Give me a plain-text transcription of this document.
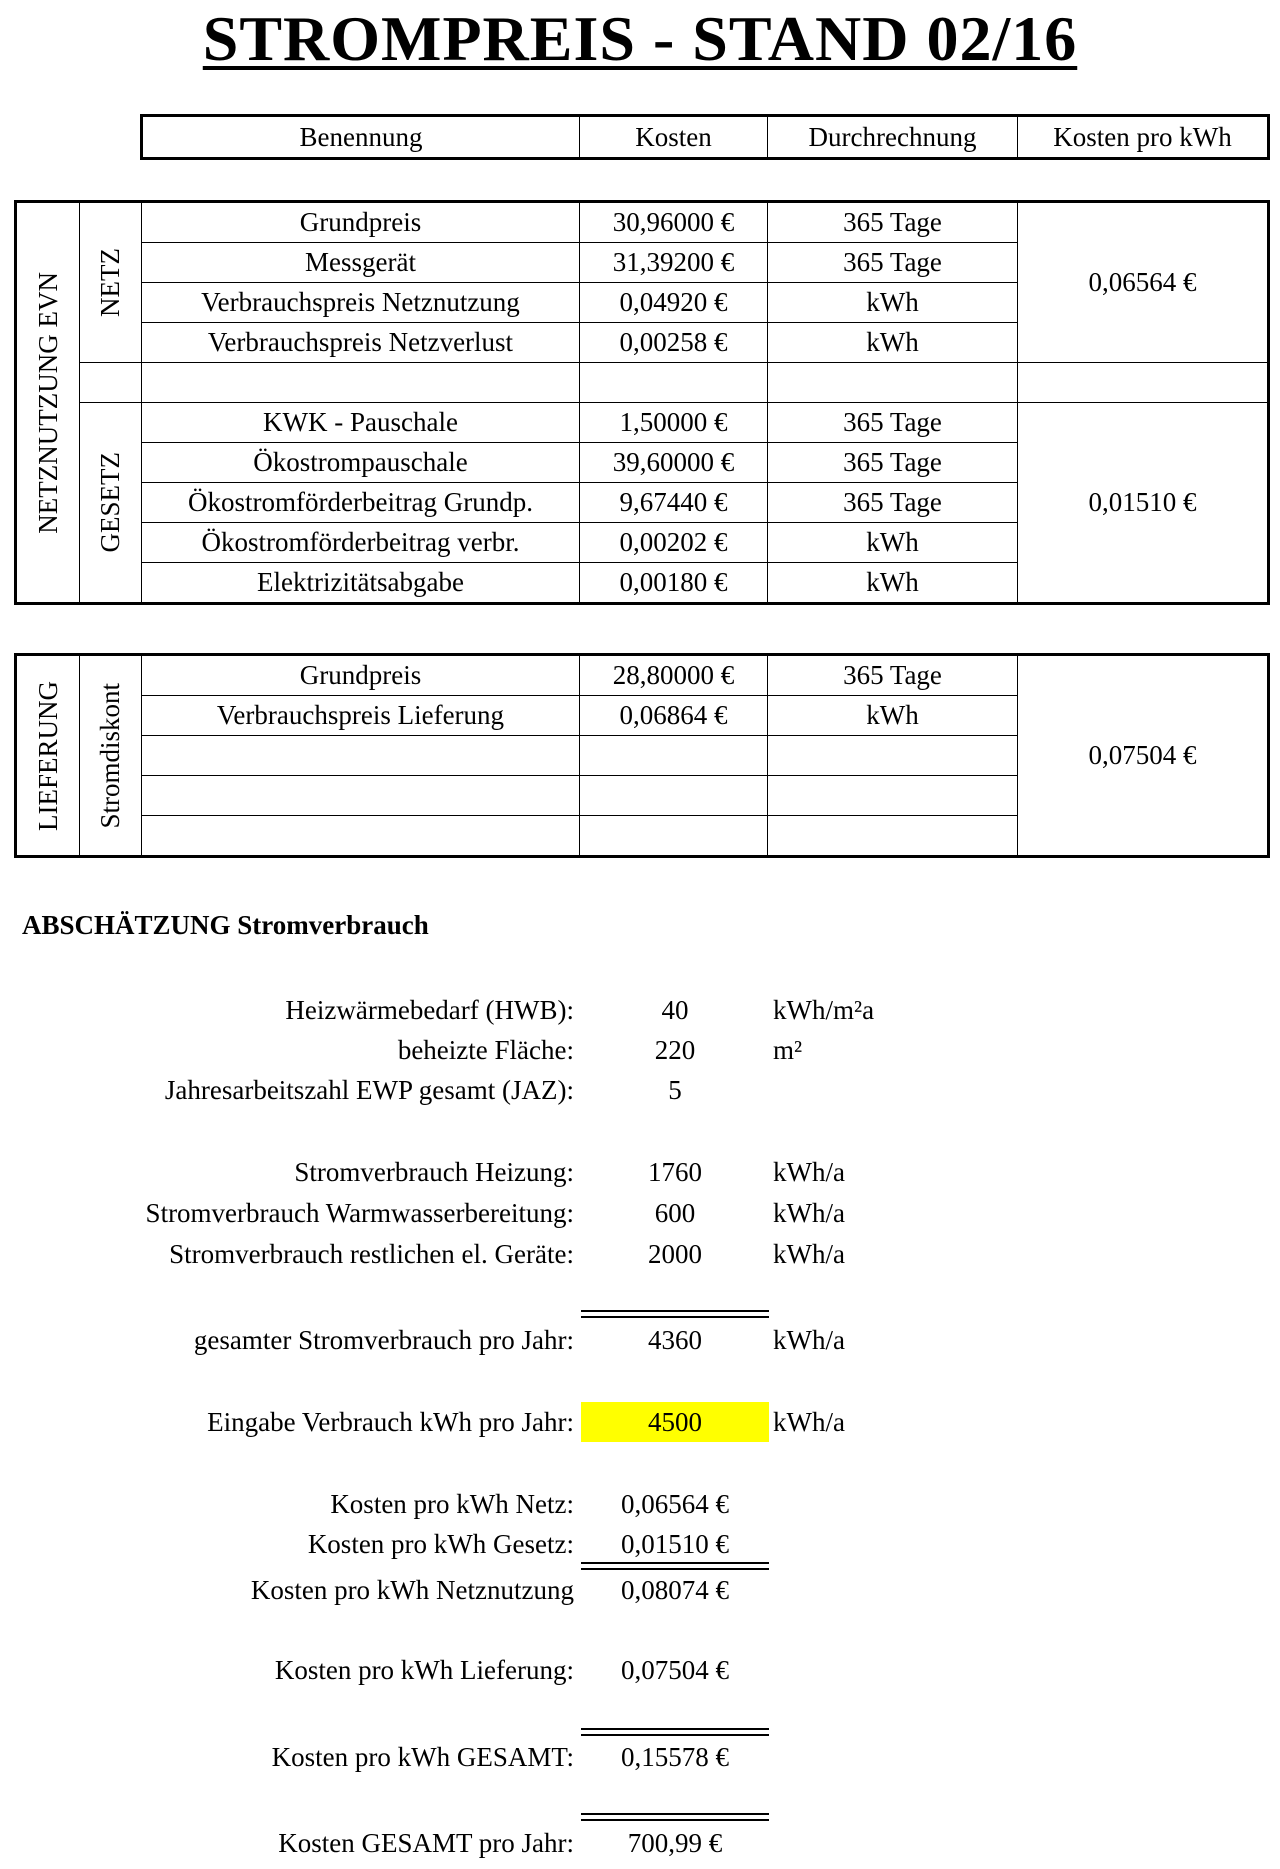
STROMPREIS - STAND 02/16
Benennung	Kosten	Durchrechnung	Kosten pro kWh
NETZNUTZUNG EVN	NETZ	Grundpreis	30,96000 €	365 Tage	0,06564 €
		Messgerät	31,39200 €	365 Tage	
		Verbrauchspreis Netznutzung	0,04920 €	kWh	
		Verbrauchspreis Netzverlust	0,00258 €	kWh	

	GESETZ	KWK - Pauschale	1,50000 €	365 Tage	0,01510 €
		Ökostrompauschale	39,60000 €	365 Tage	
		Ökostromförderbeitrag Grundp.	9,67440 €	365 Tage	
		Ökostromförderbeitrag verbr.	0,00202 €	kWh	
		Elektrizitätsabgabe	0,00180 €	kWh	
LIEFERUNG	Stromdiskont	Grundpreis	28,80000 €	365 Tage	0,07504 €
		Verbrauchspreis Lieferung	0,06864 €	kWh	

ABSCHÄTZUNG Stromverbrauch
Heizwärmebedarf (HWB):	40	kWh/m²a
beheizte Fläche:	220	m²
Jahresarbeitszahl EWP gesamt (JAZ):	5
Stromverbrauch Heizung:	1760	kWh/a
Stromverbrauch Warmwasserbereitung:	600	kWh/a
Stromverbrauch restlichen el. Geräte:	2000	kWh/a
gesamter Stromverbrauch pro Jahr:	4360	kWh/a
Eingabe Verbrauch kWh pro Jahr:	4500	kWh/a
Kosten pro kWh Netz:	0,06564 €
Kosten pro kWh Gesetz:	0,01510 €
Kosten pro kWh Netznutzung	0,08074 €
Kosten pro kWh Lieferung:	0,07504 €
Kosten pro kWh GESAMT:	0,15578 €
Kosten GESAMT pro Jahr:	700,99 €
